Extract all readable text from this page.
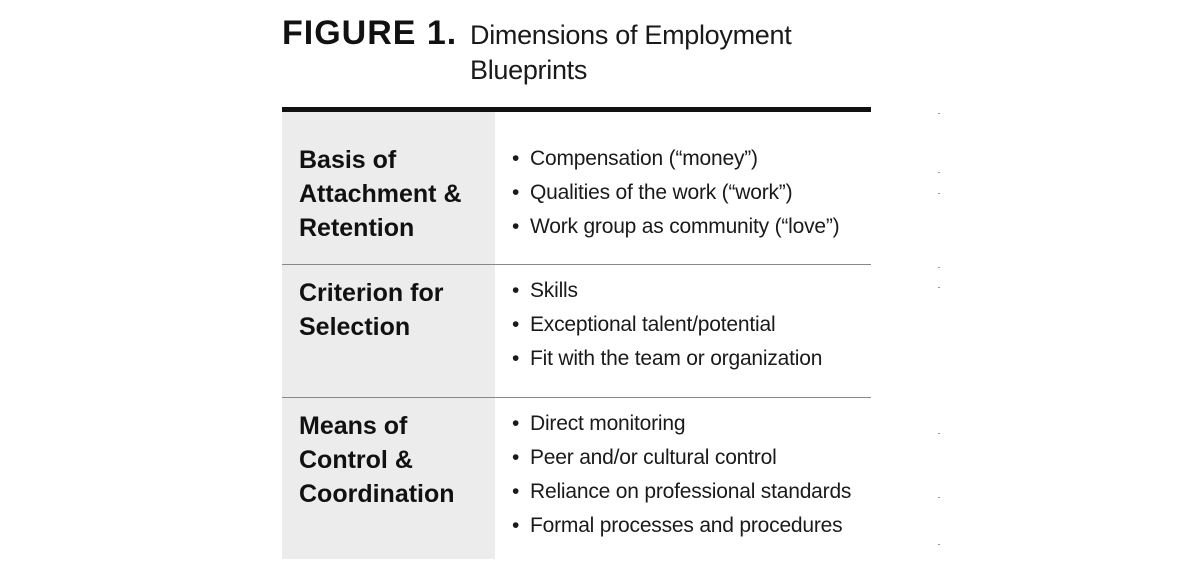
FIGURE 1. Dimensions of Employment Blueprints
Basis of Attachment & Retention
• Compensation (“money”)
• Qualities of the work (“work”)
• Work group as community (“love”)
Criterion for Selection
• Skills
• Exceptional talent/potential
• Fit with the team or organization
Means of Control & Coordination
• Direct monitoring
• Peer and/or cultural control
• Reliance on professional standards
• Formal processes and procedures
